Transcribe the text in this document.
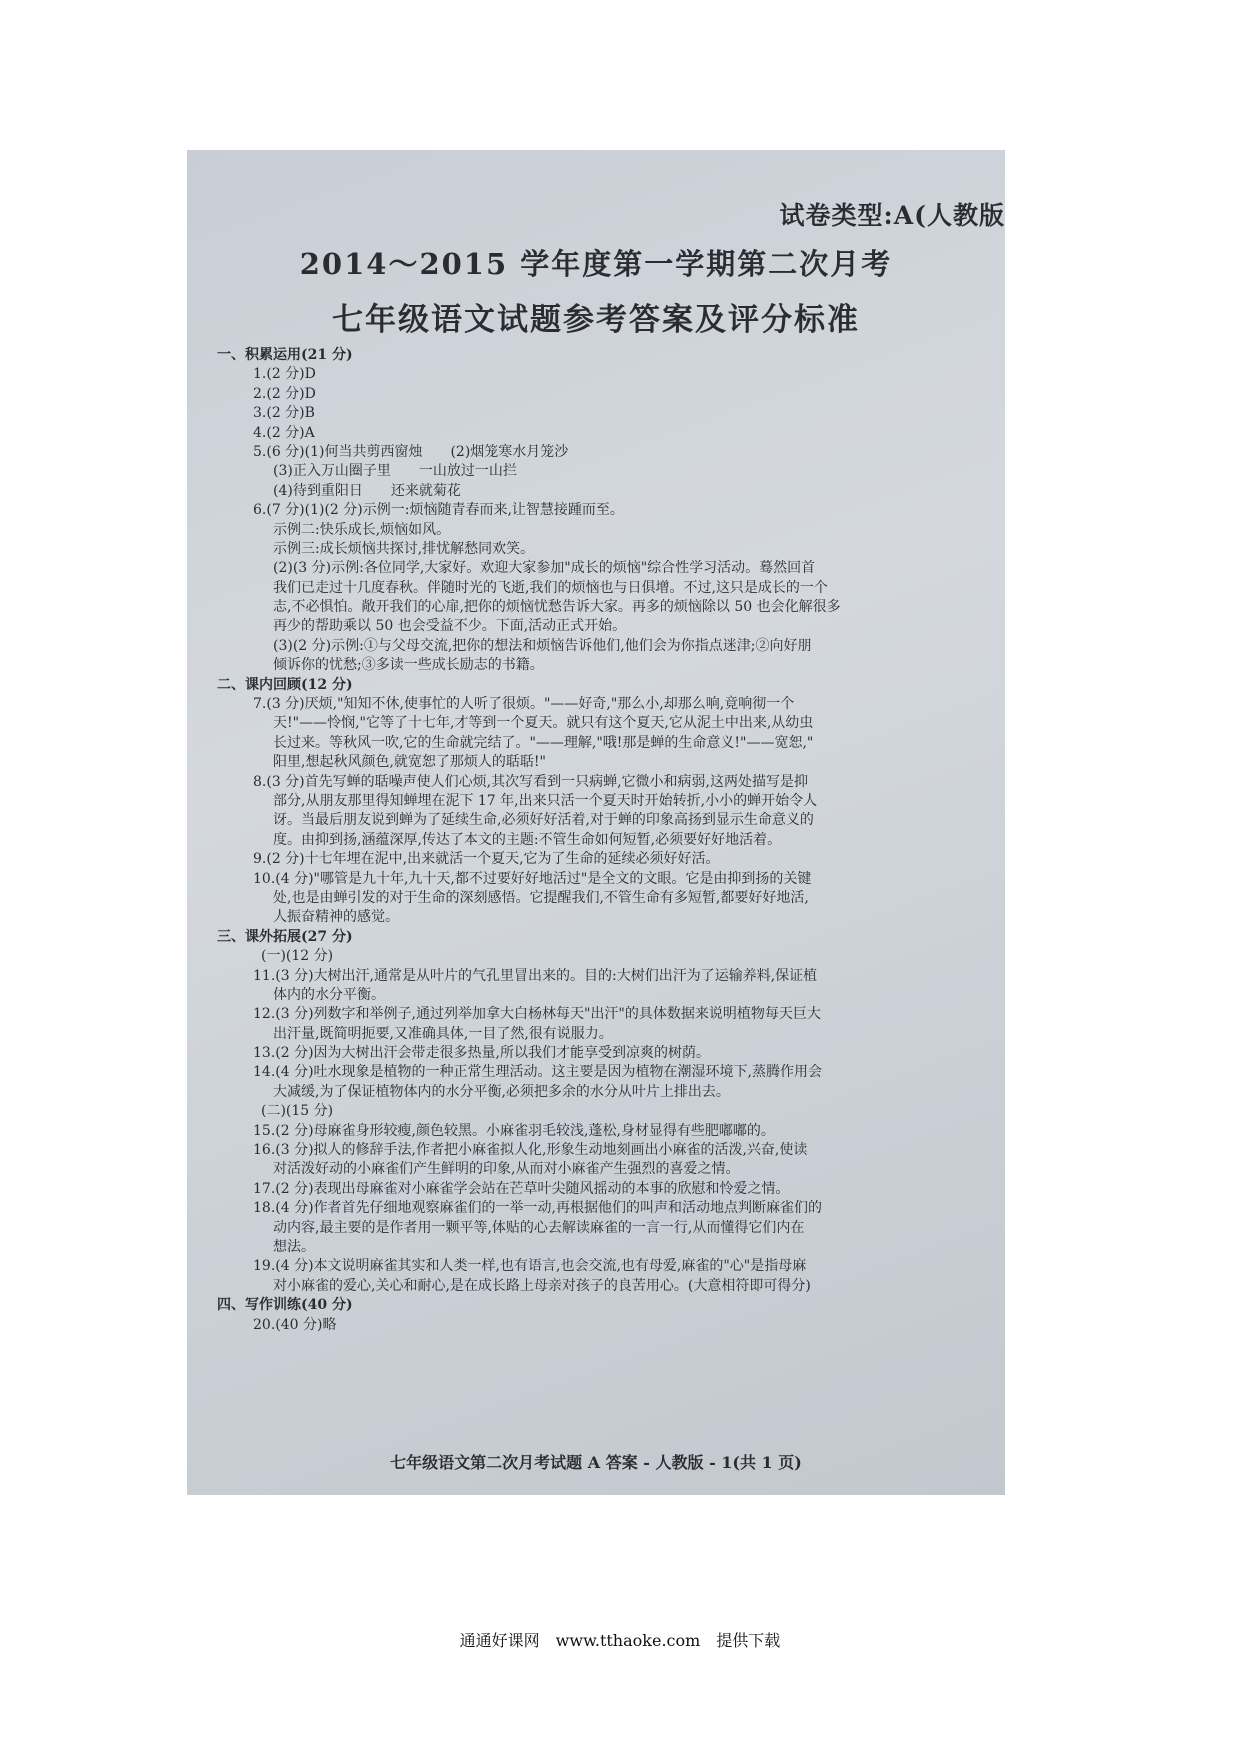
试卷类型:A(人教版
2014～2015 学年度第一学期第二次月考
七年级语文试题参考答案及评分标准
一、积累运用(21 分)
1.(2 分)D
2.(2 分)D
3.(2 分)B
4.(2 分)A
5.(6 分)(1)何当共剪西窗烛　　(2)烟笼寒水月笼沙
(3)正入万山圈子里　　一山放过一山拦
(4)待到重阳日　　还来就菊花
6.(7 分)(1)(2 分)示例一:烦恼随青春而来,让智慧接踵而至。
示例二:快乐成长,烦恼如风。
示例三:成长烦恼共探讨,排忧解愁同欢笑。
(2)(3 分)示例:各位同学,大家好。欢迎大家参加"成长的烦恼"综合性学习活动。蓦然回首
我们已走过十几度春秋。伴随时光的飞逝,我们的烦恼也与日俱增。不过,这只是成长的一个
志,不必惧怕。敞开我们的心扉,把你的烦恼忧愁告诉大家。再多的烦恼除以 50 也会化解很多
再少的帮助乘以 50 也会受益不少。下面,活动正式开始。
(3)(2 分)示例:①与父母交流,把你的想法和烦恼告诉他们,他们会为你指点迷津;②向好朋
倾诉你的忧愁;③多读一些成长励志的书籍。
二、课内回顾(12 分)
7.(3 分)厌烦,"知知不休,使事忙的人听了很烦。"——好奇,"那么小,却那么响,竟响彻一个
天!"——怜悯,"它等了十七年,才等到一个夏天。就只有这个夏天,它从泥土中出来,从幼虫
长过来。等秋风一吹,它的生命就完结了。"——理解,"哦!那是蝉的生命意义!"——宽恕,"
阳里,想起秋风颜色,就宽恕了那烦人的聒聒!"
8.(3 分)首先写蝉的聒噪声使人们心烦,其次写看到一只病蝉,它微小和病弱,这两处描写是抑
部分,从朋友那里得知蝉埋在泥下 17 年,出来只活一个夏天时开始转折,小小的蝉开始令人
讶。当最后朋友说到蝉为了延续生命,必须好好活着,对于蝉的印象高扬到显示生命意义的
度。由抑到扬,涵蕴深厚,传达了本文的主题:不管生命如何短暂,必须要好好地活着。
9.(2 分)十七年埋在泥中,出来就活一个夏天,它为了生命的延续必须好好活。
10.(4 分)"哪管是九十年,九十天,都不过要好好地活过"是全文的文眼。它是由抑到扬的关键
处,也是由蝉引发的对于生命的深刻感悟。它提醒我们,不管生命有多短暂,都要好好地活,
人振奋精神的感觉。
三、课外拓展(27 分)
(一)(12 分)
11.(3 分)大树出汗,通常是从叶片的气孔里冒出来的。目的:大树们出汗为了运输养料,保证植
体内的水分平衡。
12.(3 分)列数字和举例子,通过列举加拿大白杨林每天"出汗"的具体数据来说明植物每天巨大
出汗量,既简明扼要,又准确具体,一目了然,很有说服力。
13.(2 分)因为大树出汗会带走很多热量,所以我们才能享受到凉爽的树荫。
14.(4 分)吐水现象是植物的一种正常生理活动。这主要是因为植物在潮湿环境下,蒸腾作用会
大减缓,为了保证植物体内的水分平衡,必须把多余的水分从叶片上排出去。
(二)(15 分)
15.(2 分)母麻雀身形较瘦,颜色较黑。小麻雀羽毛较浅,蓬松,身材显得有些肥嘟嘟的。
16.(3 分)拟人的修辞手法,作者把小麻雀拟人化,形象生动地刻画出小麻雀的活泼,兴奋,使读
对活泼好动的小麻雀们产生鲜明的印象,从而对小麻雀产生强烈的喜爱之情。
17.(2 分)表现出母麻雀对小麻雀学会站在芒草叶尖随风摇动的本事的欣慰和怜爱之情。
18.(4 分)作者首先仔细地观察麻雀们的一举一动,再根据他们的叫声和活动地点判断麻雀们的
动内容,最主要的是作者用一颗平等,体贴的心去解读麻雀的一言一行,从而懂得它们内在
想法。
19.(4 分)本文说明麻雀其实和人类一样,也有语言,也会交流,也有母爱,麻雀的"心"是指母麻
对小麻雀的爱心,关心和耐心,是在成长路上母亲对孩子的良苦用心。(大意相符即可得分)
四、写作训练(40 分)
20.(40 分)略
七年级语文第二次月考试题 A 答案 - 人教版 - 1(共 1 页)
通通好课网　www.tthaoke.com　提供下载
